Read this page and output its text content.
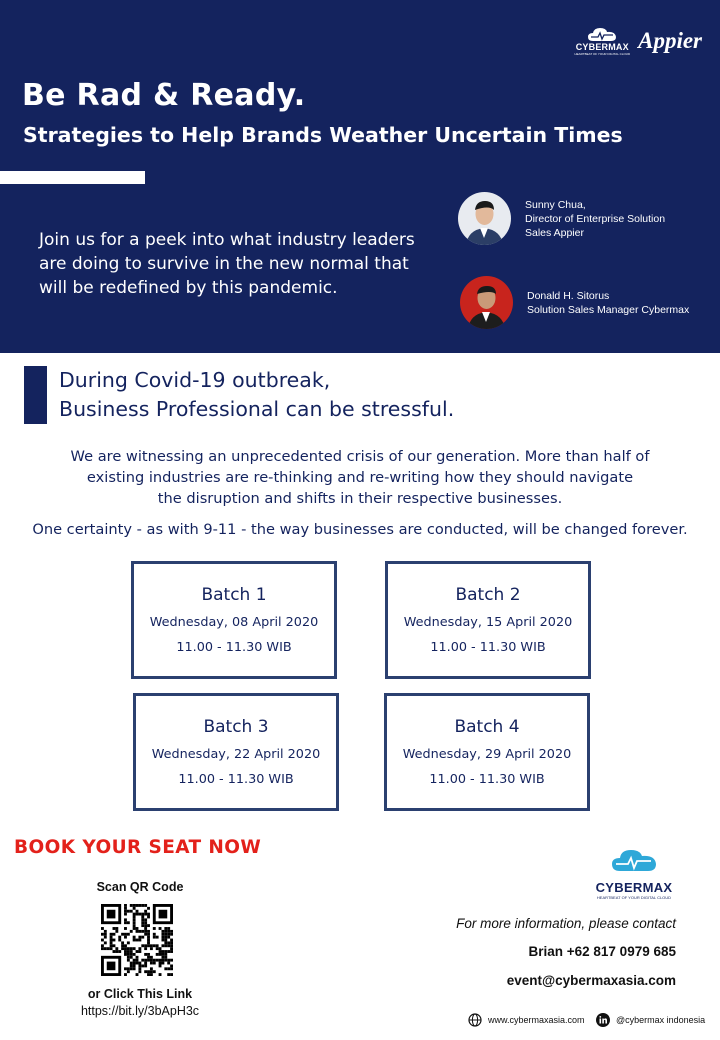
CYBERMAX
HEARTBEAT OF YOUR DIGITAL CLOUD
Appier
Be Rad & Ready.
Strategies to Help Brands Weather Uncertain Times
Join us for a peek into what industry leaders are doing to survive in the new normal that will be redefined by this pandemic.
Sunny Chua,
Director of Enterprise Solution
Sales Appier
Donald H. Sitorus
Solution Sales Manager Cybermax
During Covid-19 outbreak,
Business Professional can be stressful.
We are witnessing an unprecedented crisis of our generation. More than half of
existing industries are re-thinking and re-writing how they should navigate
the disruption and shifts in their respective businesses.
One certainty - as with 9-11 - the way businesses are conducted, will be changed forever.
Batch 1
Wednesday, 08 April 2020
11.00 - 11.30 WIB
Batch 2
Wednesday, 15 April 2020
11.00 - 11.30 WIB
Batch 3
Wednesday, 22 April 2020
11.00 - 11.30 WIB
Batch 4
Wednesday, 29 April 2020
11.00 - 11.30 WIB
BOOK YOUR SEAT NOW
Scan QR Code
or Click This Link
https://bit.ly/3bApH3c
CYBERMAX
HEARTBEAT OF YOUR DIGITAL CLOUD
For more information, please contact
Brian +62 817 0979 685
event@cybermaxasia.com
www.cybermaxasia.com	@cybermax indonesia
